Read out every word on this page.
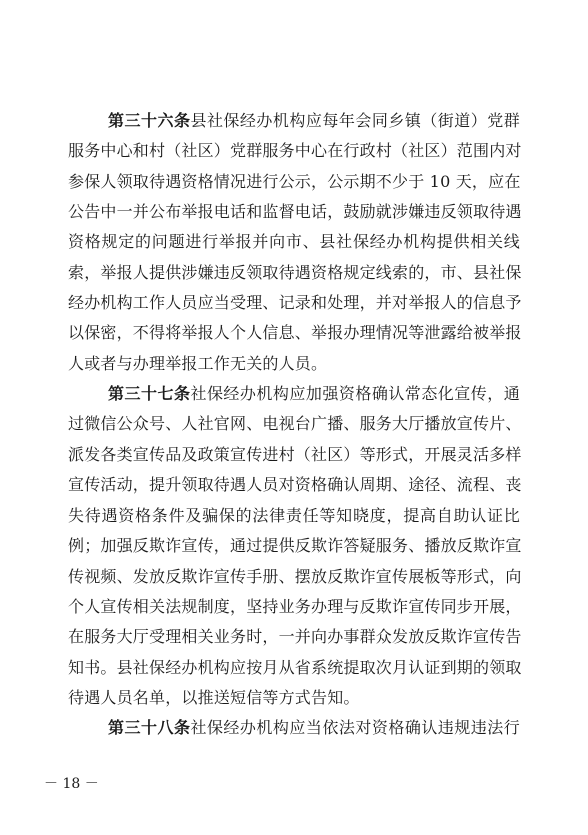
第三十六条县社保经办机构应每年会同乡镇（街道）党群
服务中心和村（社区）党群服务中心在行政村（社区）范围内对
参保人领取待遇资格情况进行公示，公示期不少于 10 天，应在
公告中一并公布举报电话和监督电话，鼓励就涉嫌违反领取待遇
资格规定的问题进行举报并向市、县社保经办机构提供相关线
索，举报人提供涉嫌违反领取待遇资格规定线索的，市、县社保
经办机构工作人员应当受理、记录和处理，并对举报人的信息予
以保密，不得将举报人个人信息、举报办理情况等泄露给被举报
人或者与办理举报工作无关的人员。
第三十七条社保经办机构应加强资格确认常态化宣传，通
过微信公众号、人社官网、电视台广播、服务大厅播放宣传片、
派发各类宣传品及政策宣传进村（社区）等形式，开展灵活多样
宣传活动，提升领取待遇人员对资格确认周期、途径、流程、丧
失待遇资格条件及骗保的法律责任等知晓度，提高自助认证比
例；加强反欺诈宣传，通过提供反欺诈答疑服务、播放反欺诈宣
传视频、发放反欺诈宣传手册、摆放反欺诈宣传展板等形式，向
个人宣传相关法规制度，坚持业务办理与反欺诈宣传同步开展，
在服务大厅受理相关业务时，一并向办事群众发放反欺诈宣传告
知书。县社保经办机构应按月从省系统提取次月认证到期的领取
待遇人员名单，以推送短信等方式告知。
第三十八条社保经办机构应当依法对资格确认违规违法行
－ 18 －
